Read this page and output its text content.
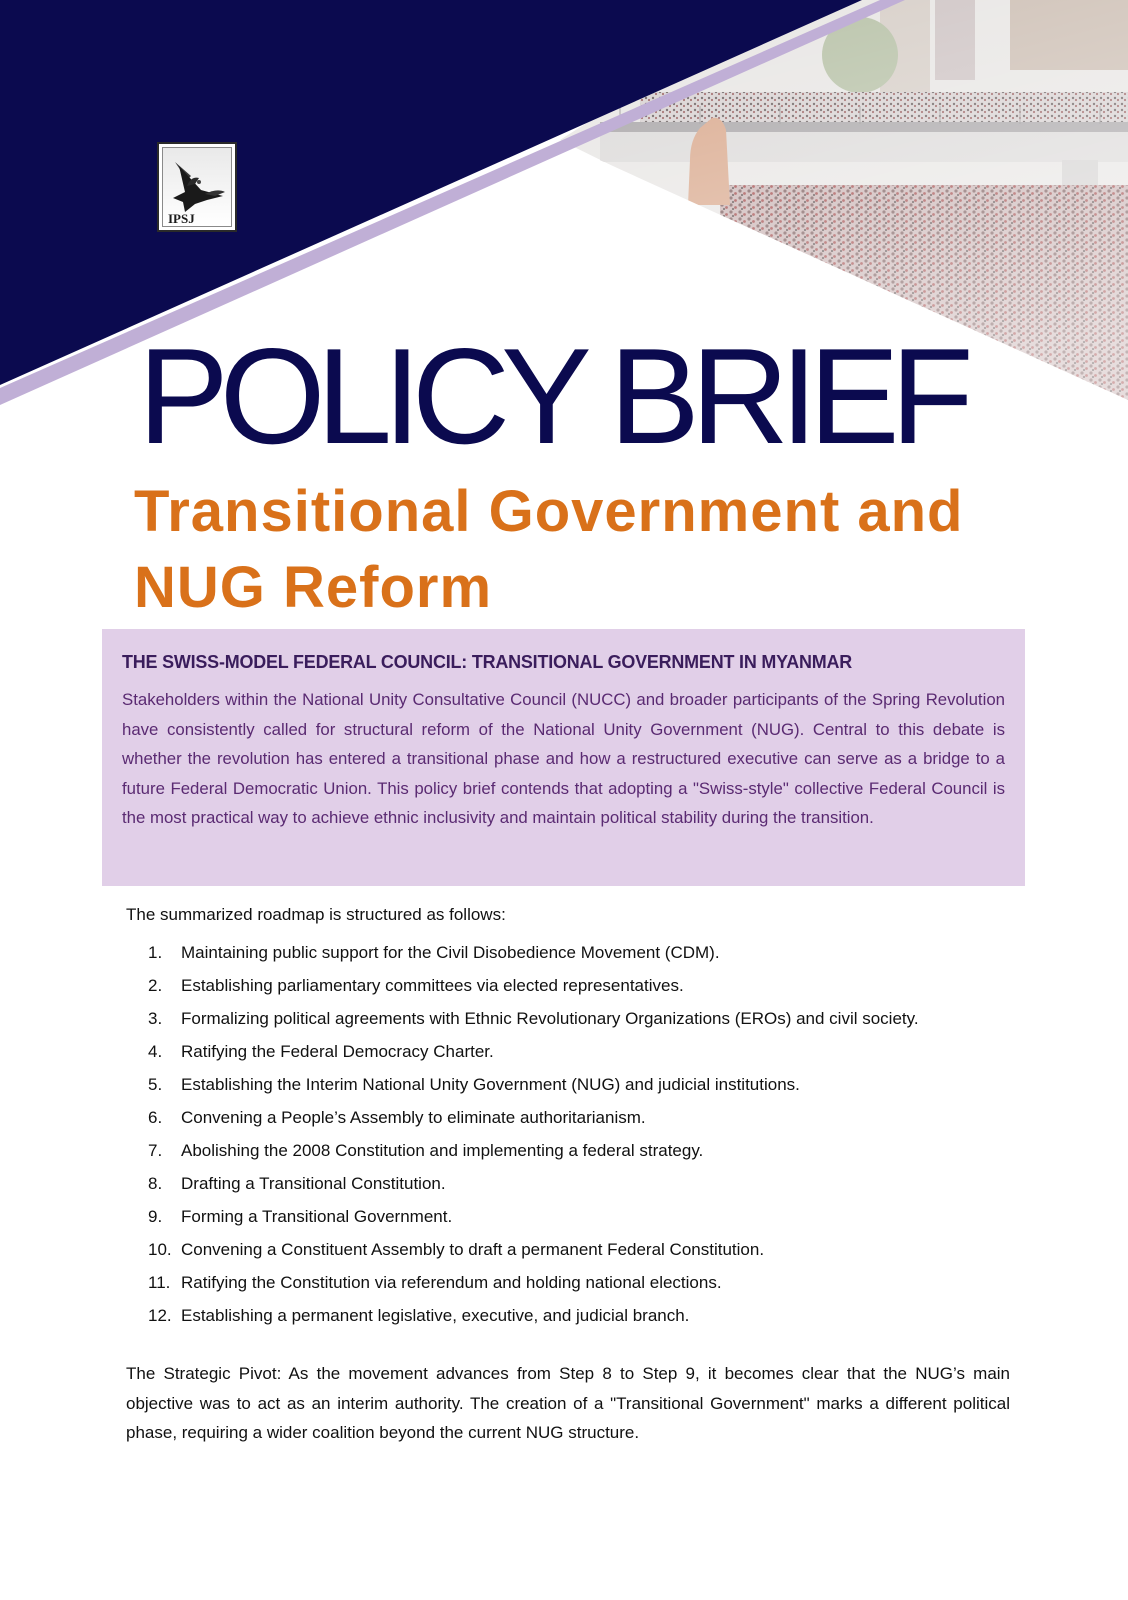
IPSJ
POLICY BRIEF
Transitional Government and NUG Reform
THE SWISS-MODEL FEDERAL COUNCIL: TRANSITIONAL GOVERNMENT IN MYANMAR

Stakeholders within the National Unity Consultative Council (NUCC) and broader participants of the Spring Revolution have consistently called for structural reform of the National Unity Government (NUG). Central to this debate is whether the revolution has entered a transitional phase and how a restructured executive can serve as a bridge to a future Federal Democratic Union. This policy brief contends that adopting a "Swiss-style" collective Federal Council is the most practical way to achieve ethnic inclusivity and maintain political stability during the transition.

The summarized roadmap is structured as follows:

1.	Maintaining public support for the Civil Disobedience Movement (CDM).
2.	Establishing parliamentary committees via elected representatives.
3.	Formalizing political agreements with Ethnic Revolutionary Organizations (EROs) and civil society.
4.	Ratifying the Federal Democracy Charter.
5.	Establishing the Interim National Unity Government (NUG) and judicial institutions.
6.	Convening a People’s Assembly to eliminate authoritarianism.
7.	Abolishing the 2008 Constitution and implementing a federal strategy.
8.	Drafting a Transitional Constitution.
9.	Forming a Transitional Government.
10. Convening a Constituent Assembly to draft a permanent Federal Constitution.
11. Ratifying the Constitution via referendum and holding national elections.
12. Establishing a permanent legislative, executive, and judicial branch.

The Strategic Pivot: As the movement advances from Step 8 to Step 9, it becomes clear that the NUG’s main objective was to act as an interim authority. The creation of a "Transitional Government" marks a different political phase, requiring a wider coalition beyond the current NUG structure.
